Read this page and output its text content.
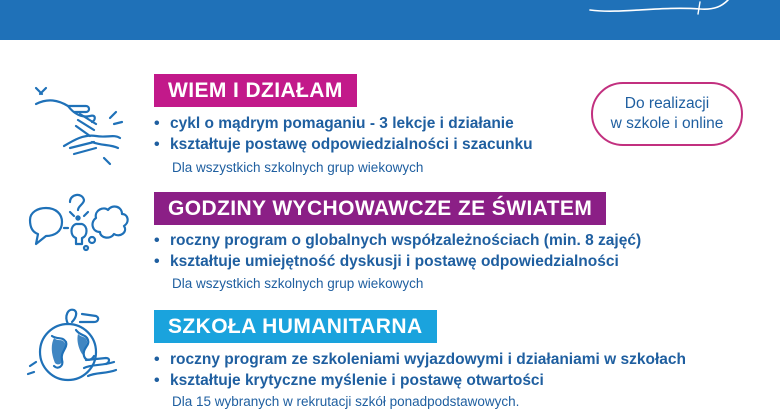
WIEM I DZIAŁAM
• cykl o mądrym pomaganiu - 3 lekcje i działanie
• kształtuje postawę odpowiedzialności i szacunku
Dla wszystkich szkolnych grup wiekowych
Do realizacji
w szkole i online
GODZINY WYCHOWAWCZE ZE ŚWIATEM
• roczny program o globalnych współzależnościach (min. 8 zajęć)
• kształtuje umiejętność dyskusji i postawę odpowiedzialności
Dla wszystkich szkolnych grup wiekowych
SZKOŁA HUMANITARNA
• roczny program ze szkoleniami wyjazdowymi i działaniami w szkołach
• kształtuje krytyczne myślenie i postawę otwartości
Dla 15 wybranych w rekrutacji szkół ponadpodstawowych.
